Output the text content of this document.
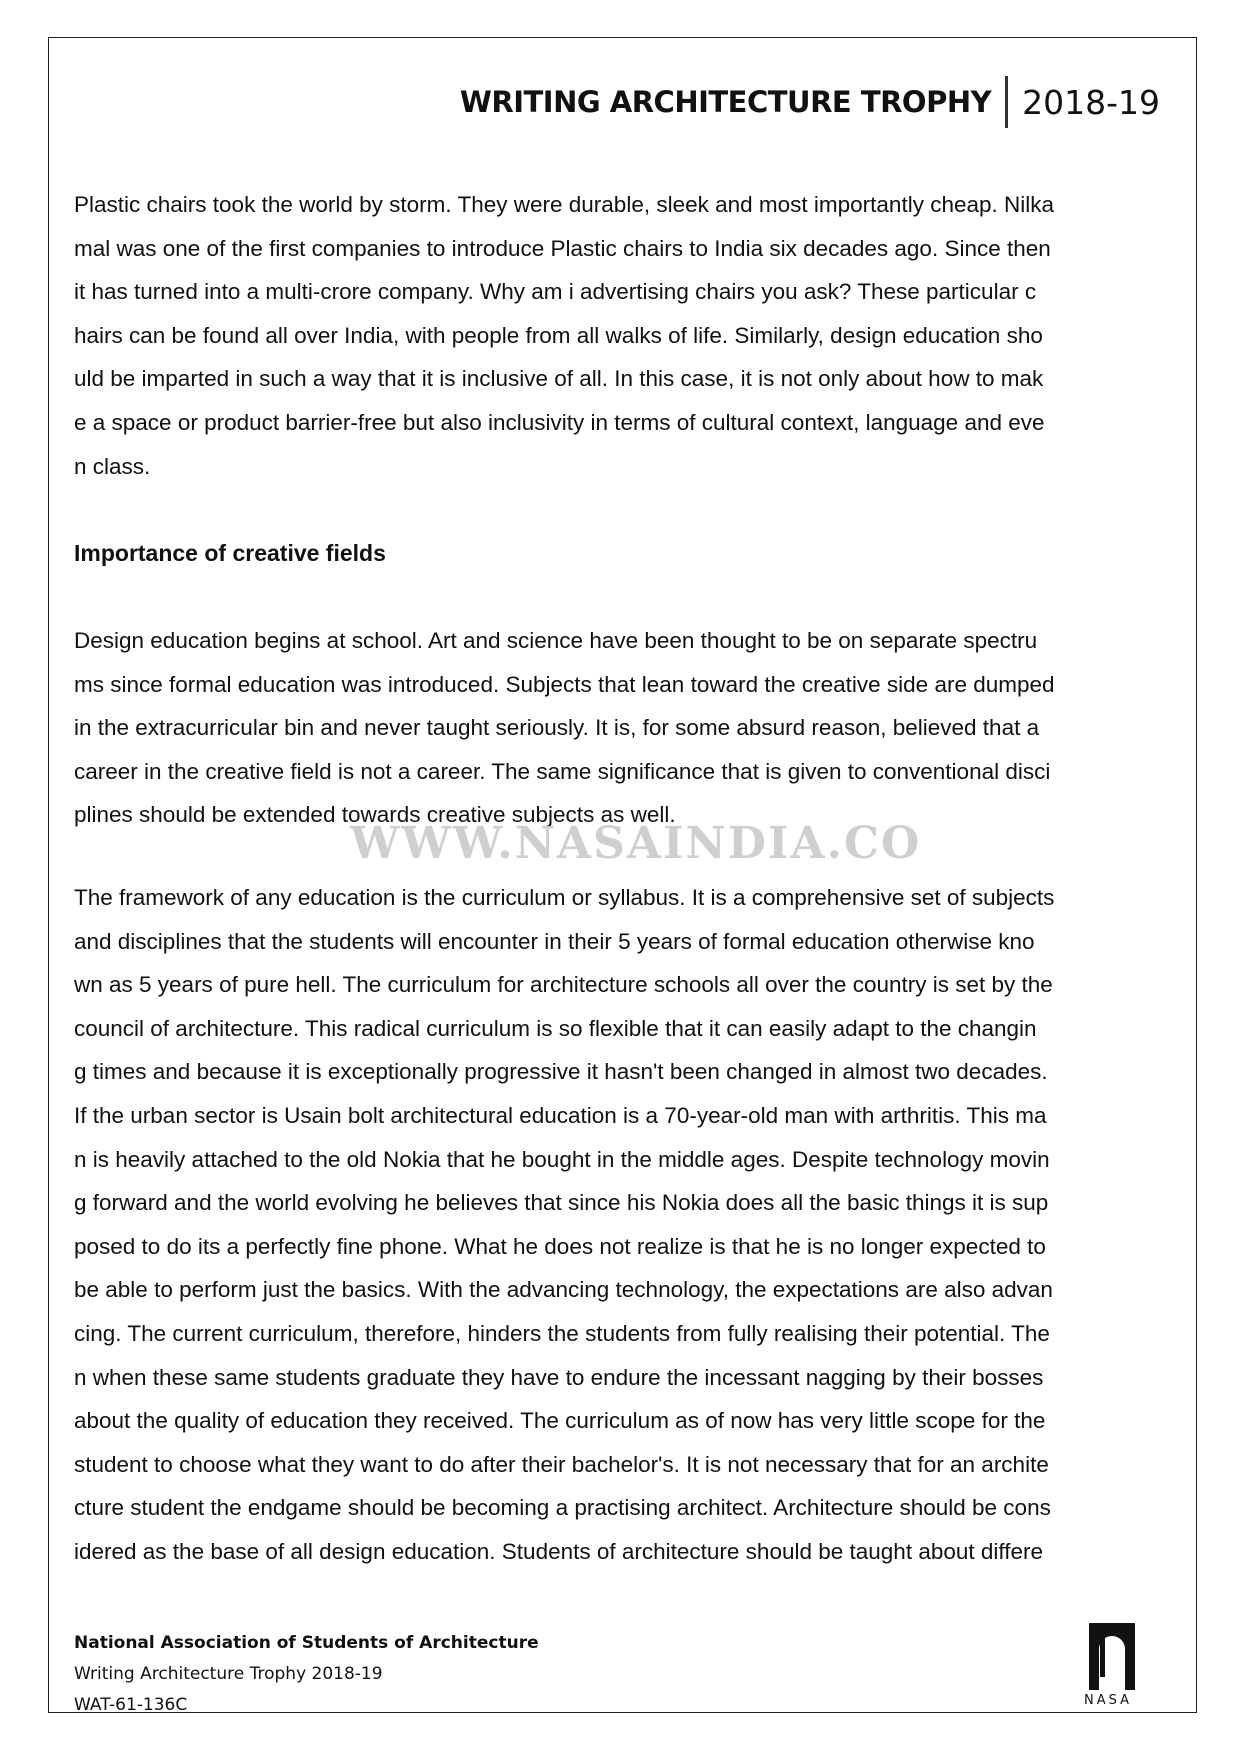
WRITING ARCHITECTURE TROPHY 2018-19

Plastic chairs took the world by storm. They were durable, sleek and most importantly cheap. Nilka
mal was one of the first companies to introduce Plastic chairs to India six decades ago. Since then
it has turned into a multi-crore company. Why am i advertising chairs you ask? These particular c
hairs can be found all over India, with people from all walks of life. Similarly, design education sho
uld be imparted in such a way that it is inclusive of all. In this case, it is not only about how to mak
e a space or product barrier-free but also inclusivity in terms of cultural context, language and eve
n class.

Importance of creative fields

Design education begins at school. Art and science have been thought to be on separate spectru
ms since formal education was introduced. Subjects that lean toward the creative side are dumped
in the extracurricular bin and never taught seriously. It is, for some absurd reason, believed that a
career in the creative field is not a career. The same significance that is given to conventional disci
plines should be extended towards creative subjects as well.

WWW.NASAINDIA.CO

The framework of any education is the curriculum or syllabus. It is a comprehensive set of subjects
and disciplines that the students will encounter in their 5 years of formal education otherwise kno
wn as 5 years of pure hell. The curriculum for architecture schools all over the country is set by the
council of architecture. This radical curriculum is so flexible that it can easily adapt to the changin
g times and because it is exceptionally progressive it hasn't been changed in almost two decades.
If the urban sector is Usain bolt architectural education is a 70-year-old man with arthritis. This ma
n is heavily attached to the old Nokia that he bought in the middle ages. Despite technology movin
g forward and the world evolving he believes that since his Nokia does all the basic things it is sup
posed to do its a perfectly fine phone. What he does not realize is that he is no longer expected to
be able to perform just the basics. With the advancing technology, the expectations are also advan
cing. The current curriculum, therefore, hinders the students from fully realising their potential. The
n when these same students graduate they have to endure the incessant nagging by their bosses
about the quality of education they received. The curriculum as of now has very little scope for the
student to choose what they want to do after their bachelor's. It is not necessary that for an archite
cture student the endgame should be becoming a practising architect. Architecture should be cons
idered as the base of all design education. Students of architecture should be taught about differe

National Association of Students of Architecture
Writing Architecture Trophy 2018-19
WAT-61-136C	NASA
